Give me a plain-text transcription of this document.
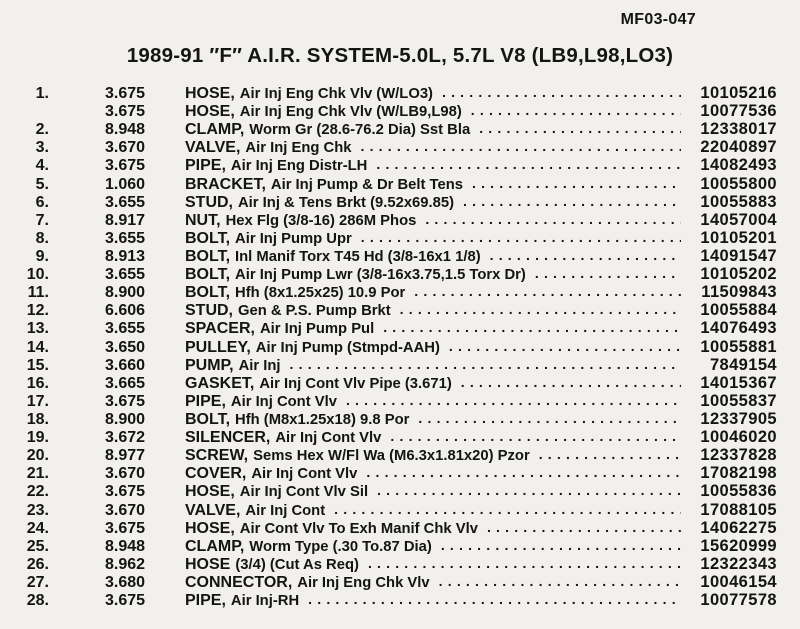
MF03-047
1989-91 ″F″ A.I.R. SYSTEM-5.0L, 5.7L V8 (LB9,L98,LO3)
1.	3.675 HOSE, Air Inj Eng Chk Vlv (W/LO3) .....	10105216
3.675 HOSE, Air Inj Eng Chk Vlv (W/LB9,L98) .....	10077536
2.	8.948 CLAMP, Worm Gr (28.6-76.2 Dia) Sst Bla .....	12338017
3.	3.670 VALVE, Air Inj Eng Chk .....	22040897
4.	3.675 PIPE, Air Inj Eng Distr-LH .....	14082493
5.	1.060 BRACKET, Air Inj Pump & Dr Belt Tens .....	10055800
6.	3.655 STUD, Air Inj & Tens Brkt (9.52x69.85) .....	10055883
7.	8.917 NUT, Hex Flg (3/8-16) 286M Phos .....	14057004
8.	3.655 BOLT, Air Inj Pump Upr .....	10105201
9.	8.913 BOLT, Inl Manif Torx T45 Hd (3/8-16x1 1/8) .....	14091547
10.	3.655 BOLT, Air Inj Pump Lwr (3/8-16x3.75,1.5 Torx Dr) .....	10105202
11.	8.900 BOLT, Hfh (8x1.25x25) 10.9 Por .....	11509843
12.	6.606 STUD, Gen & P.S. Pump Brkt .....	10055884
13.	3.655 SPACER, Air Inj Pump Pul .....	14076493
14.	3.650 PULLEY, Air Inj Pump (Stmpd-AAH) .....	10055881
15.	3.660 PUMP, Air Inj .....	7849154
16.	3.665 GASKET, Air Inj Cont Vlv Pipe (3.671) .....	14015367
17.	3.675 PIPE, Air Inj Cont Vlv .....	10055837
18.	8.900 BOLT, Hfh (M8x1.25x18) 9.8 Por .....	12337905
19.	3.672 SILENCER, Air Inj Cont Vlv .....	10046020
20.	8.977 SCREW, Sems Hex W/Fl Wa (M6.3x1.81x20) Pzor .....	12337828
21.	3.670 COVER, Air Inj Cont Vlv .....	17082198
22.	3.675 HOSE, Air Inj Cont Vlv Sil .....	10055836
23.	3.670 VALVE, Air Inj Cont .....	17088105
24.	3.675 HOSE, Air Cont Vlv To Exh Manif Chk Vlv .....	14062275
25.	8.948 CLAMP, Worm Type (.30 To.87 Dia) .....	15620999
26.	8.962 HOSE (3/4) (Cut As Req) .....	12322343
27.	3.680 CONNECTOR, Air Inj Eng Chk Vlv .....	10046154
28.	3.675 PIPE, Air Inj-RH .....	10077578
